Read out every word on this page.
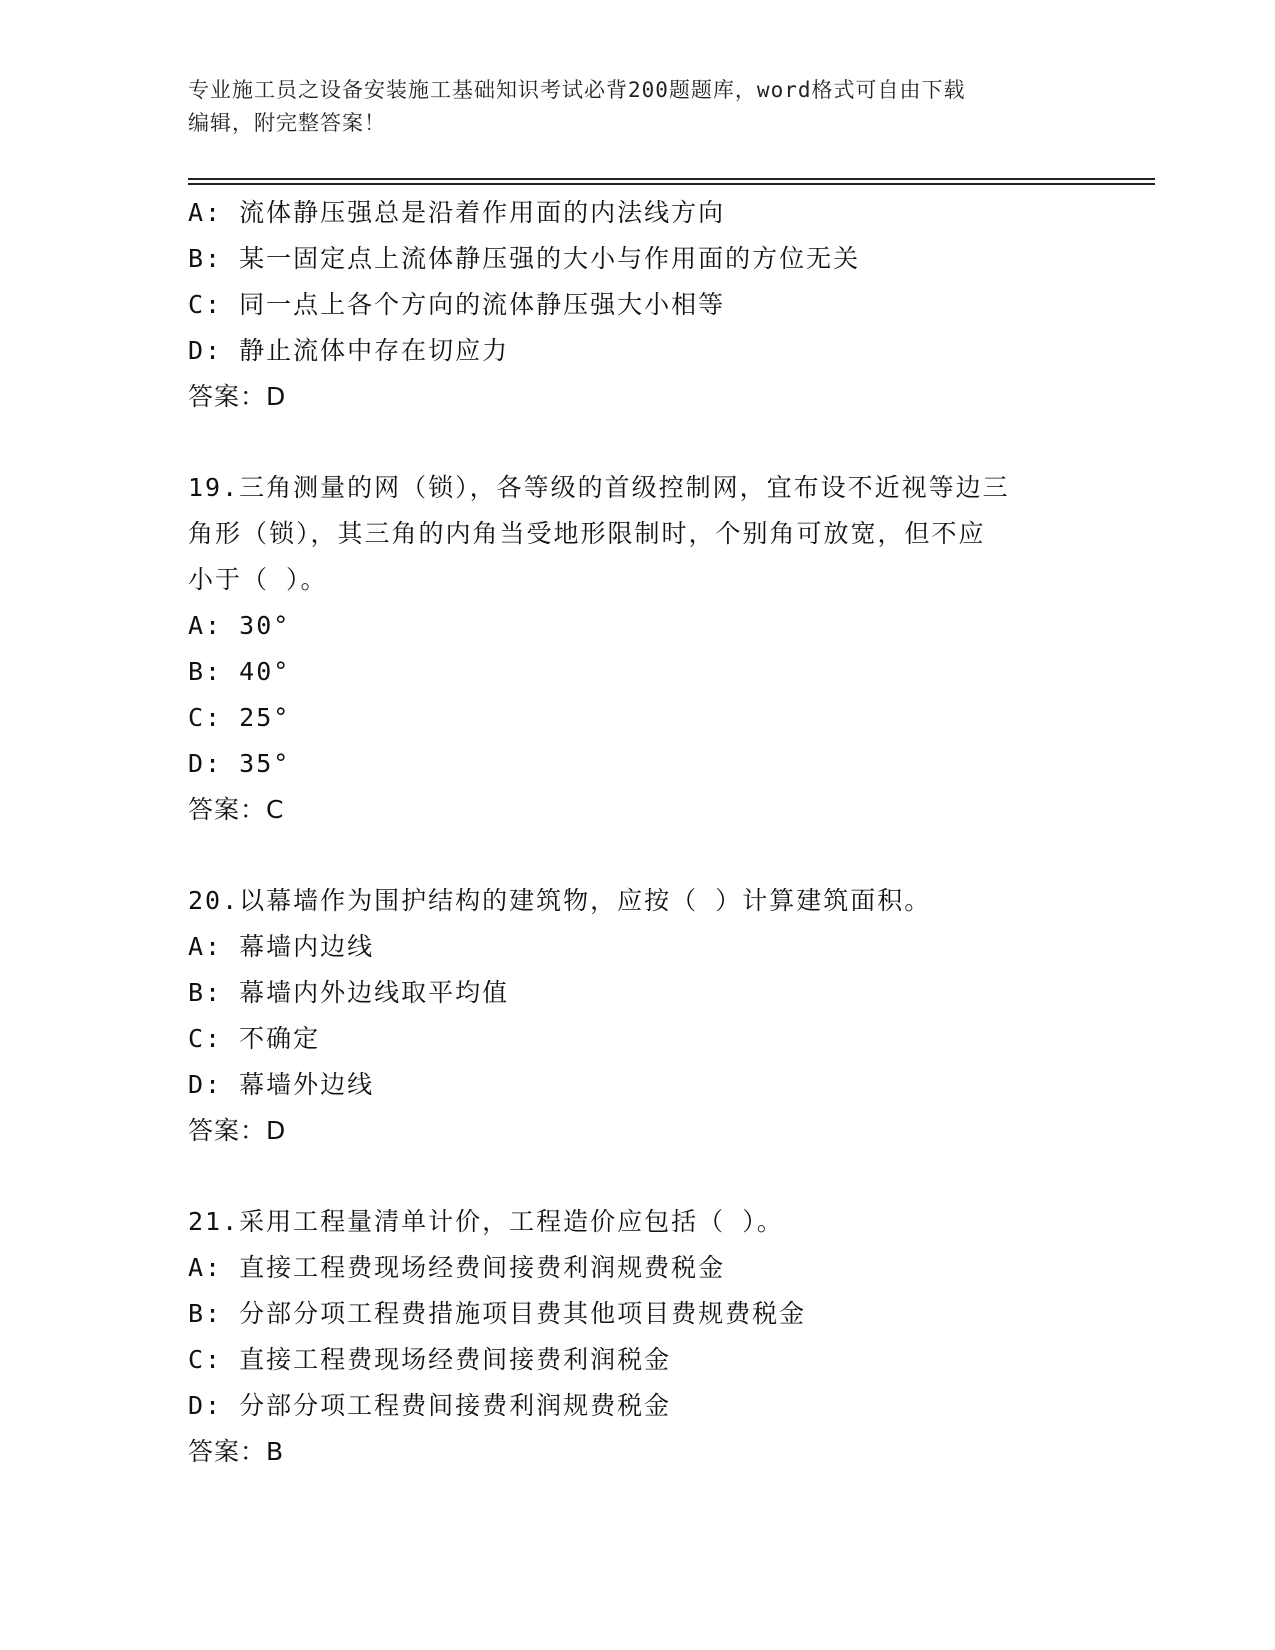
专业施工员之设备安装施工基础知识考试必背200题题库，word格式可自由下载
编辑，附完整答案！
A: 流体静压强总是沿着作用面的内法线方向
B: 某一固定点上流体静压强的大小与作用面的方位无关
C: 同一点上各个方向的流体静压强大小相等
D: 静止流体中存在切应力
答案：D
19.三角测量的网（锁），各等级的首级控制网，宜布设不近视等边三
角形（锁），其三角的内角当受地形限制时，个别角可放宽，但不应
小于（ ）。
A: 30°
B: 40°
C: 25°
D: 35°
答案：C
20.以幕墙作为围护结构的建筑物，应按（ ）计算建筑面积。
A: 幕墙内边线
B: 幕墙内外边线取平均值
C: 不确定
D: 幕墙外边线
答案：D
21.采用工程量清单计价，工程造价应包括（ ）。
A: 直接工程费现场经费间接费利润规费税金
B: 分部分项工程费措施项目费其他项目费规费税金
C: 直接工程费现场经费间接费利润税金
D: 分部分项工程费间接费利润规费税金
答案：B
